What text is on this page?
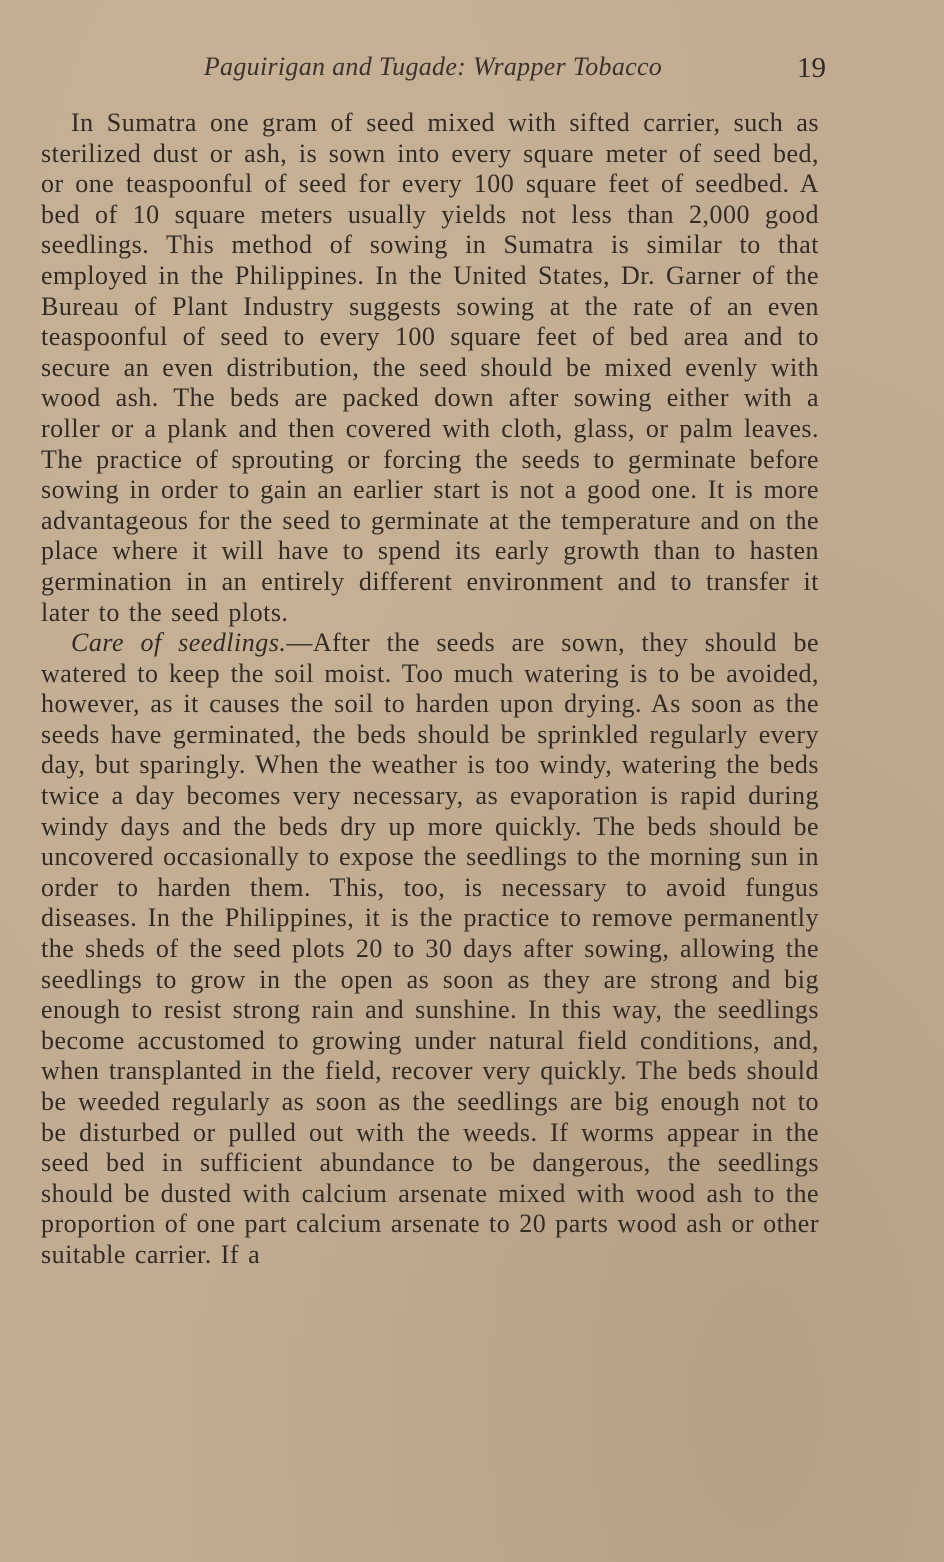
Paguirigan and Tugade: Wrapper Tobacco	19

In Sumatra one gram of seed mixed with sifted carrier, such as sterilized dust or ash, is sown into every square meter of seed bed, or one teaspoonful of seed for every 100 square feet of seedbed. A bed of 10 square meters usually yields not less than 2,000 good seedlings. This method of sowing in Sumatra is similar to that employed in the Philippines. In the United States, Dr. Garner of the Bureau of Plant Industry suggests sowing at the rate of an even teaspoonful of seed to every 100 square feet of bed area and to secure an even distribution, the seed should be mixed evenly with wood ash. The beds are packed down after sowing either with a roller or a plank and then covered with cloth, glass, or palm leaves. The practice of sprouting or forcing the seeds to germinate before sowing in order to gain an earlier start is not a good one. It is more advantageous for the seed to germinate at the temperature and on the place where it will have to spend its early growth than to hasten germination in an entirely different environment and to transfer it later to the seed plots.

Care of seedlings.—After the seeds are sown, they should be watered to keep the soil moist. Too much watering is to be avoided, however, as it causes the soil to harden upon drying. As soon as the seeds have germinated, the beds should be sprinkled regularly every day, but sparingly. When the weather is too windy, watering the beds twice a day becomes very necessary, as evaporation is rapid during windy days and the beds dry up more quickly. The beds should be uncovered occasionally to expose the seedlings to the morning sun in order to harden them. This, too, is necessary to avoid fungus diseases. In the Philippines, it is the practice to remove permanently the sheds of the seed plots 20 to 30 days after sowing, allowing the seedlings to grow in the open as soon as they are strong and big enough to resist strong rain and sunshine. In this way, the seedlings become accustomed to growing under natural field conditions, and, when transplanted in the field, recover very quickly. The beds should be weeded regularly as soon as the seedlings are big enough not to be disturbed or pulled out with the weeds. If worms appear in the seed bed in sufficient abundance to be dangerous, the seedlings should be dusted with calcium arsenate mixed with wood ash to the proportion of one part calcium arsenate to 20 parts wood ash or other suitable carrier. If a
